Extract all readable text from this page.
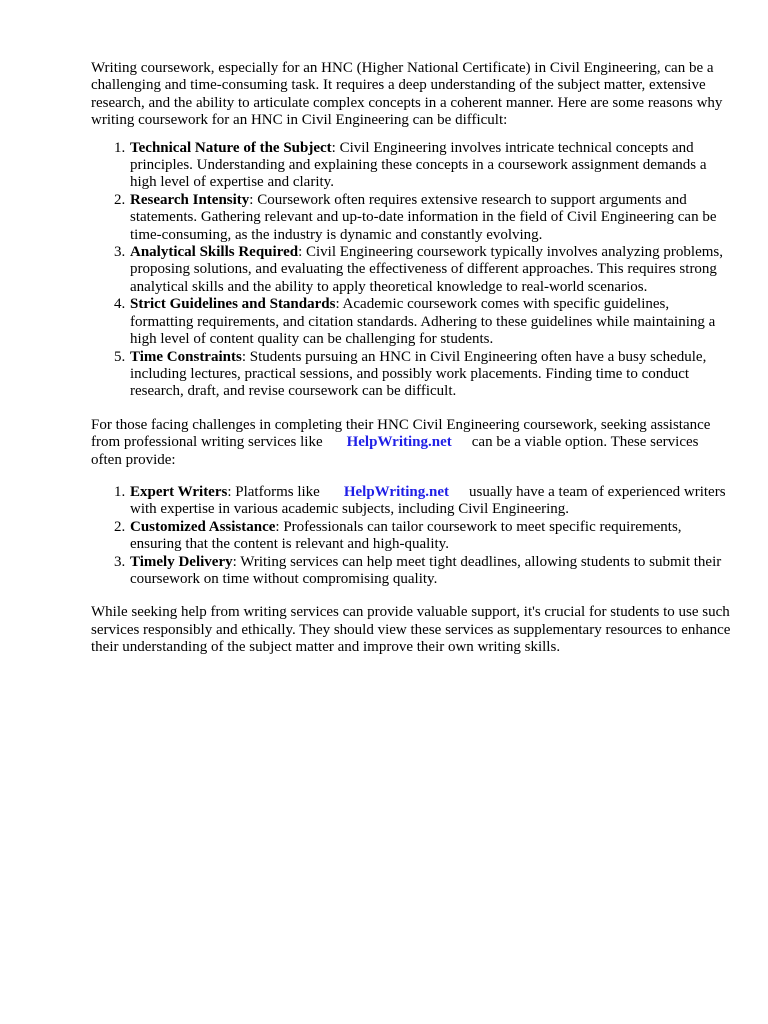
Writing coursework, especially for an HNC (Higher National Certificate) in Civil Engineering, can be a challenging and time-consuming task. It requires a deep understanding of the subject matter, extensive research, and the ability to articulate complex concepts in a coherent manner. Here are some reasons why writing coursework for an HNC in Civil Engineering can be difficult:

1. Technical Nature of the Subject: Civil Engineering involves intricate technical concepts and principles. Understanding and explaining these concepts in a coursework assignment demands a high level of expertise and clarity.
2. Research Intensity: Coursework often requires extensive research to support arguments and statements. Gathering relevant and up-to-date information in the field of Civil Engineering can be time-consuming, as the industry is dynamic and constantly evolving.
3. Analytical Skills Required: Civil Engineering coursework typically involves analyzing problems, proposing solutions, and evaluating the effectiveness of different approaches. This requires strong analytical skills and the ability to apply theoretical knowledge to real-world scenarios.
4. Strict Guidelines and Standards: Academic coursework comes with specific guidelines, formatting requirements, and citation standards. Adhering to these guidelines while maintaining a high level of content quality can be challenging for students.
5. Time Constraints: Students pursuing an HNC in Civil Engineering often have a busy schedule, including lectures, practical sessions, and possibly work placements. Finding time to conduct research, draft, and revise coursework can be difficult.

For those facing challenges in completing their HNC Civil Engineering coursework, seeking assistance from professional writing services like HelpWriting.net can be a viable option. These services often provide:

1. Expert Writers: Platforms like HelpWriting.net usually have a team of experienced writers with expertise in various academic subjects, including Civil Engineering.
2. Customized Assistance: Professionals can tailor coursework to meet specific requirements, ensuring that the content is relevant and high-quality.
3. Timely Delivery: Writing services can help meet tight deadlines, allowing students to submit their coursework on time without compromising quality.

While seeking help from writing services can provide valuable support, it's crucial for students to use such services responsibly and ethically. They should view these services as supplementary resources to enhance their understanding of the subject matter and improve their own writing skills.
